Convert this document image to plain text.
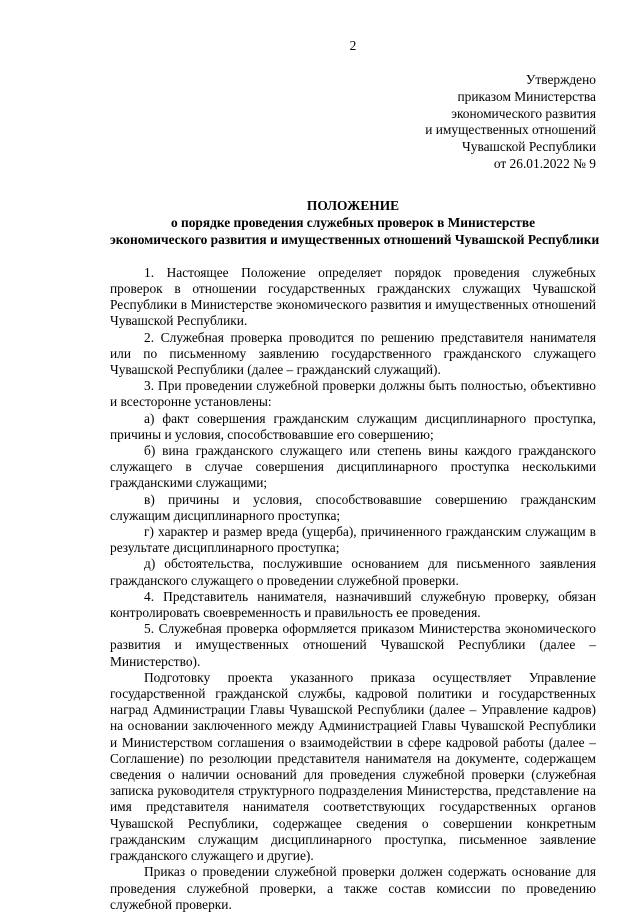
2
Утверждено
приказом Министерства
экономического развития
и имущественных отношений
Чувашской Республики
от 26.01.2022 № 9
ПОЛОЖЕНИЕ
о порядке проведения служебных проверок в Министерстве
экономического развития и имущественных отношений Чувашской Республики

1. Настоящее Положение определяет порядок проведения служебных проверок в отношении государственных гражданских служащих Чувашской Республики в Министерстве экономического развития и имущественных отношений Чувашской Республики.

2. Служебная проверка проводится по решению представителя нанимателя или по письменному заявлению государственного гражданского служащего Чувашской Республики (далее – гражданский служащий).

3. При проведении служебной проверки должны быть полностью, объективно и всесторонне установлены:

а) факт совершения гражданским служащим дисциплинарного проступка, причины и условия, способствовавшие его совершению;

б) вина гражданского служащего или степень вины каждого гражданского служащего в случае совершения дисциплинарного проступка несколькими гражданскими служащими;

в) причины и условия, способствовавшие совершению гражданским служащим дисциплинарного проступка;

г) характер и размер вреда (ущерба), причиненного гражданским служащим в результате дисциплинарного проступка;

д) обстоятельства, послужившие основанием для письменного заявления гражданского служащего о проведении служебной проверки.

4. Представитель нанимателя, назначивший служебную проверку, обязан контролировать своевременность и правильность ее проведения.

5. Служебная проверка оформляется приказом Министерства экономического развития и имущественных отношений Чувашской Республики (далее – Министерство).

Подготовку проекта указанного приказа осуществляет Управление государственной гражданской службы, кадровой политики и государственных наград Администрации Главы Чувашской Республики (далее – Управление кадров) на основании заключенного между Администрацией Главы Чувашской Республики и Министерством соглашения о взаимодействии в сфере кадровой работы (далее – Соглашение) по резолюции представителя нанимателя на документе, содержащем сведения о наличии оснований для проведения служебной проверки (служебная записка руководителя структурного подразделения Министерства, представление на имя представителя нанимателя соответствующих государственных органов Чувашской Республики, содержащее сведения о совершении конкретным гражданским служащим дисциплинарного проступка, письменное заявление гражданского служащего и другие).

Приказ о проведении служебной проверки должен содержать основание для проведения служебной проверки, а также состав комиссии по проведению служебной проверки.
